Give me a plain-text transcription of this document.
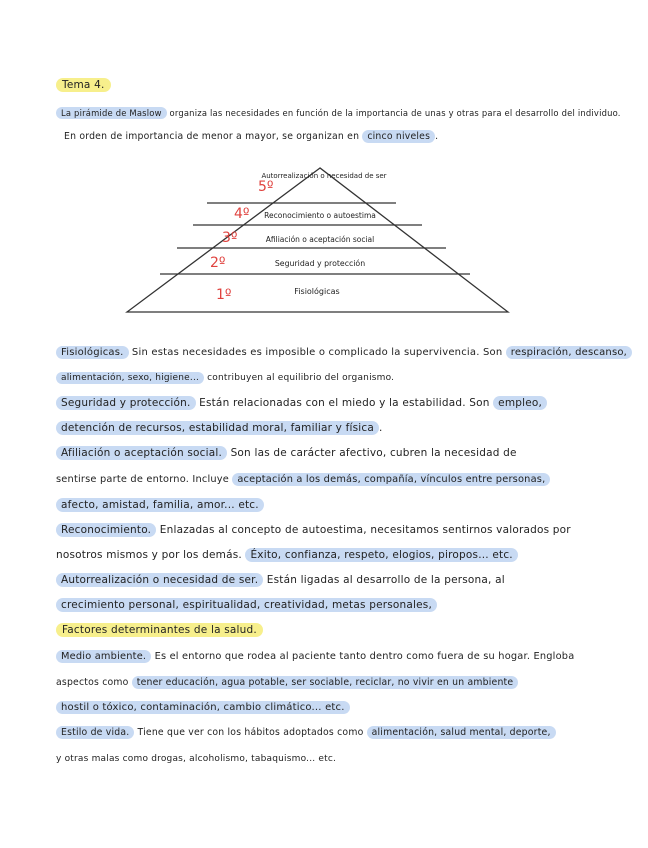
Tema 4.
La pirámide de Maslow organiza las necesidades en función de la importancia de unas y otras para el desarrollo del individuo.
En orden de importancia de menor a mayor, se organizan en cinco niveles .
5º
Autorrealización o necesidad de ser
4º Reconocimiento o autoestima
3º	Afiliación o aceptación social
2º	Seguridad y protección
1º	Fisiológicas
Fisiológicas. Sin estas necesidades es imposible o complicado la supervivencia. Son respiración, descanso,
alimentación, sexo, higiene... contribuyen al equilibrio del organismo.
Seguridad y protección. Están relacionadas con el miedo y la estabilidad. Son empleo,
detención de recursos, estabilidad moral, familiar y física .
Afiliación o aceptación social. Son las de carácter afectivo, cubren la necesidad de
sentirse parte de entorno. Incluye aceptación a los demás, compañía, vínculos entre personas,
afecto, amistad, familia, amor... etc.
Reconocimiento. Enlazadas al concepto de autoestima, necesitamos sentirnos valorados por
nosotros mismos y por los demás. Éxito, confianza, respeto, elogios, piropos... etc.
Autorrealización o necesidad de ser. Están ligadas al desarrollo de la persona, al
crecimiento personal, espiritualidad, creatividad, metas personales,
Factores determinantes de la salud.
Medio ambiente. Es el entorno que rodea al paciente tanto dentro como fuera de su hogar. Engloba
aspectos como tener educación, agua potable, ser sociable, reciclar, no vivir en un ambiente
hostil o tóxico, contaminación, cambio climático... etc.
Estilo de vida. Tiene que ver con los hábitos adoptados como alimentación, salud mental, deporte,
y otras malas como drogas, alcoholismo, tabaquismo... etc.
